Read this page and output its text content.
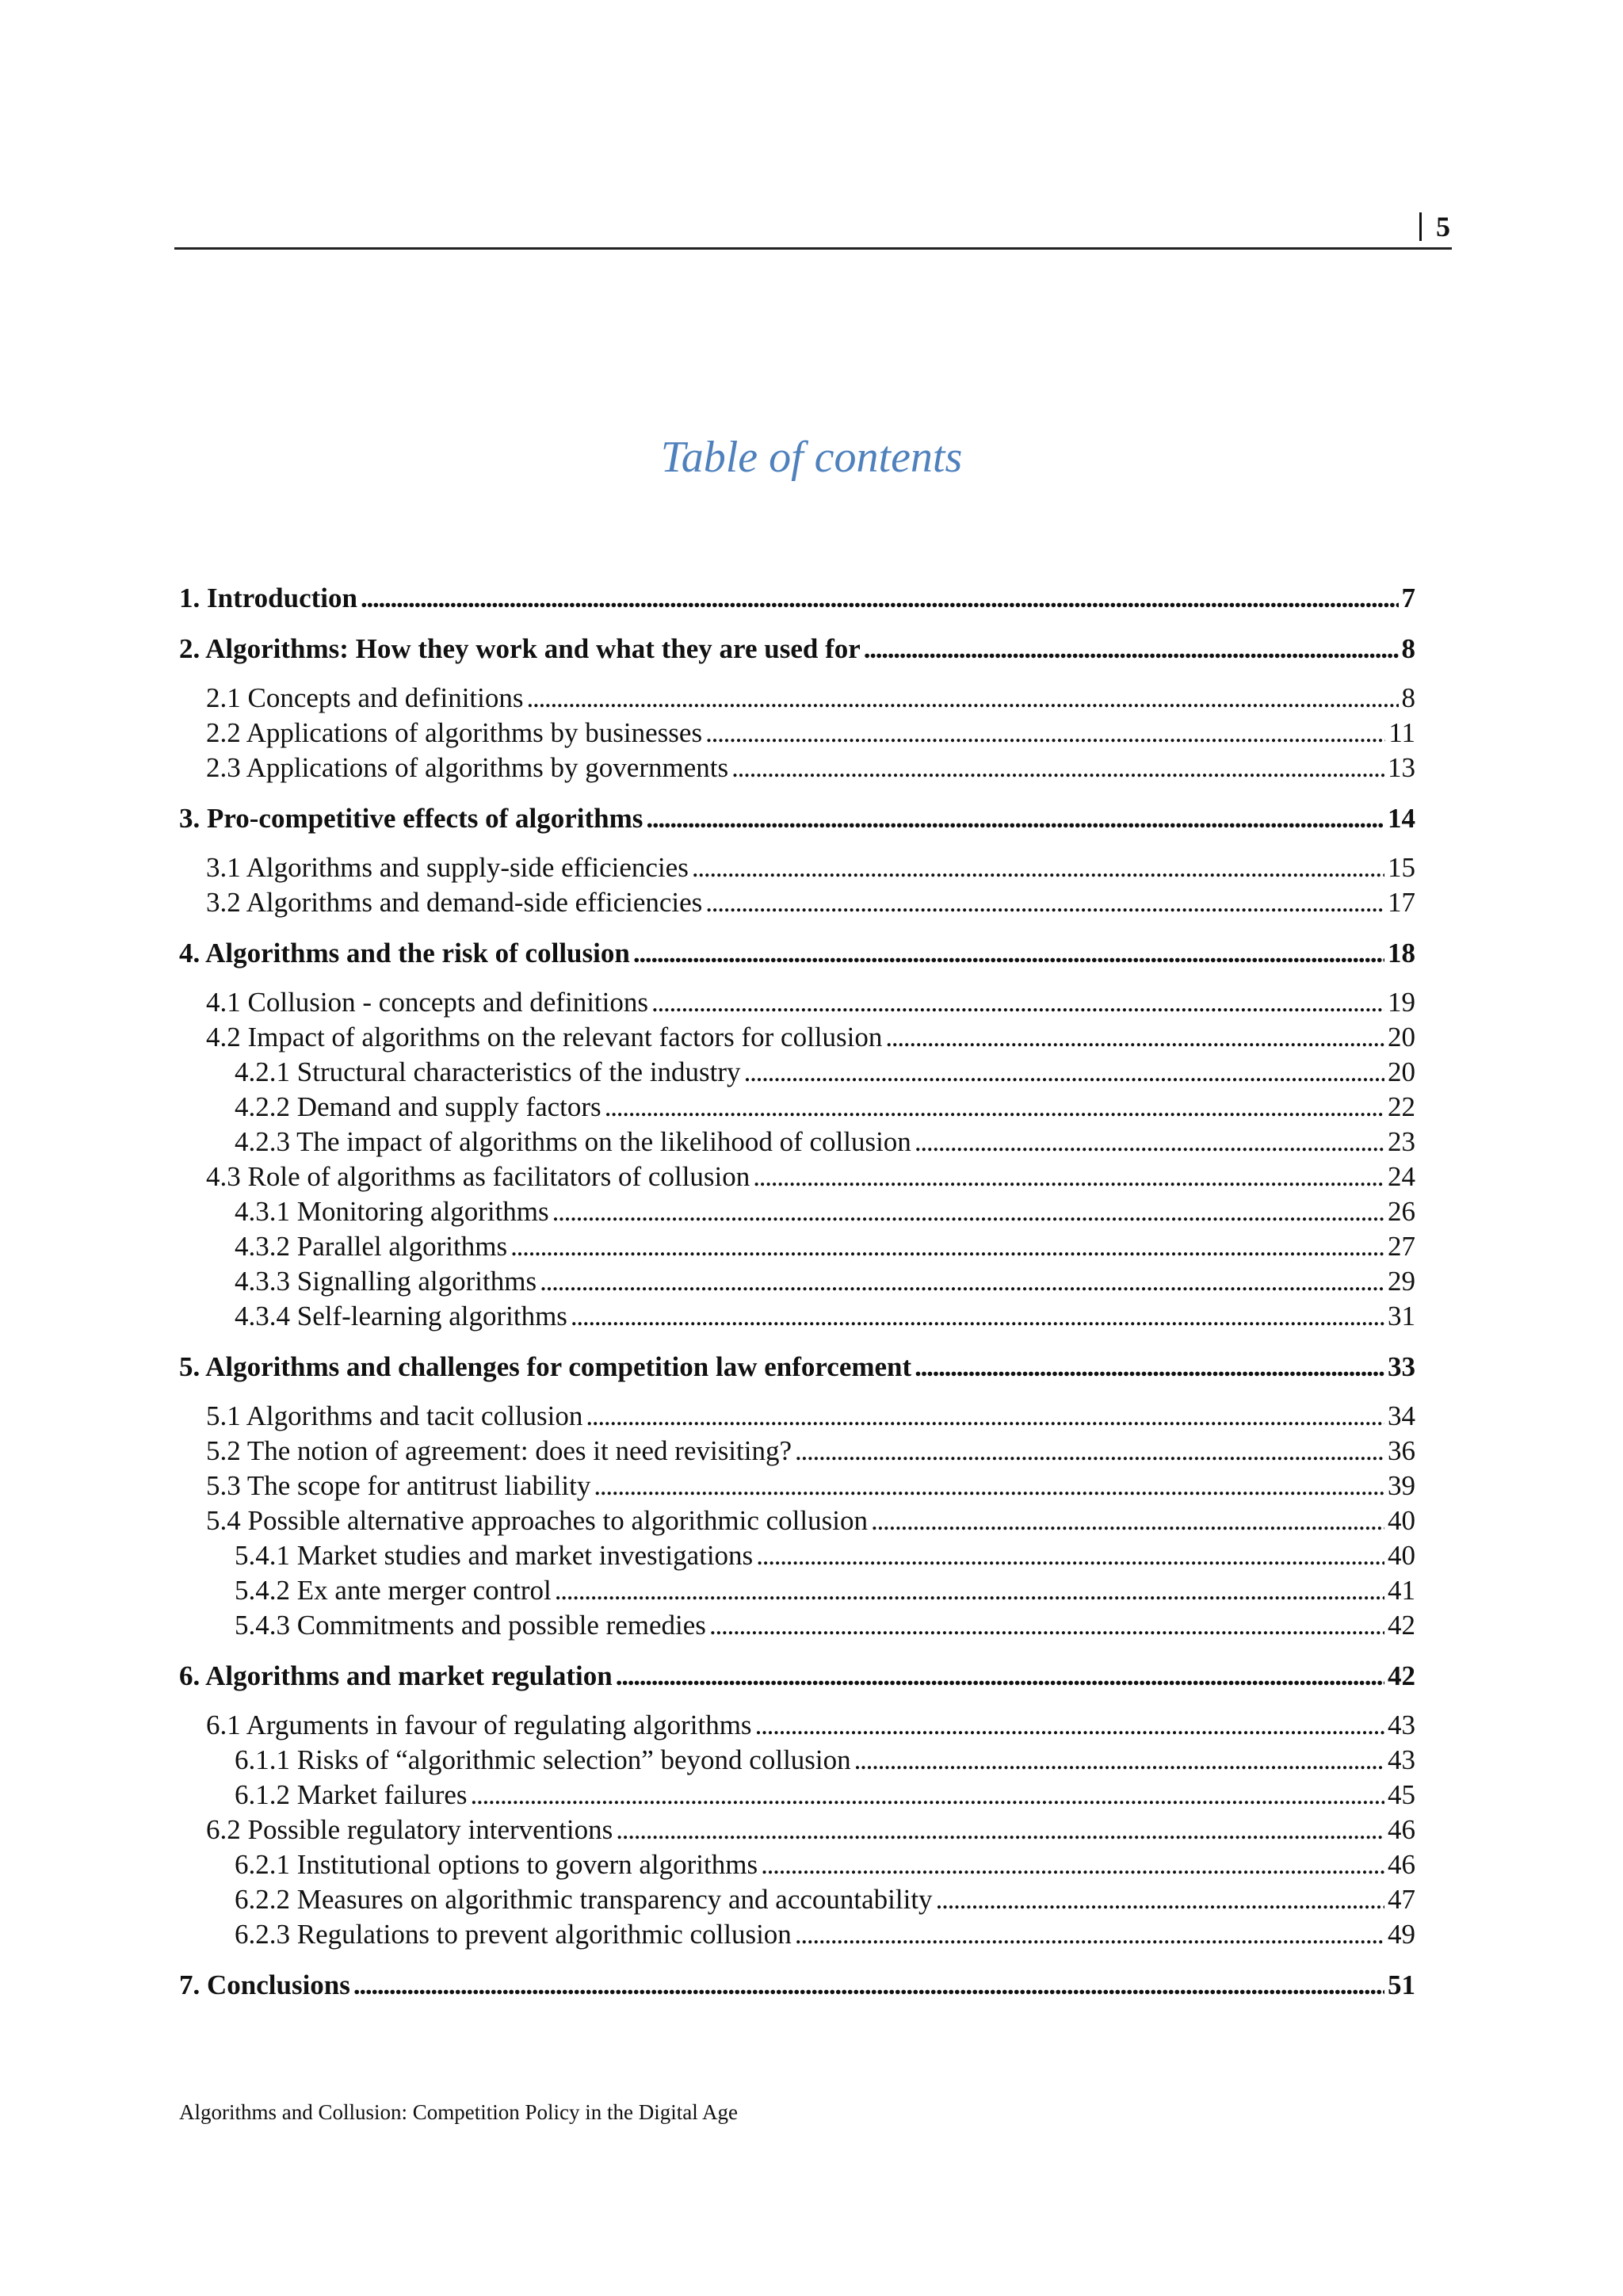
5
Table of contents
1. Introduction . . .	7
2. Algorithms: How they work and what they are used for . . .	8
2.1 Concepts and definitions . . .	8
2.2 Applications of algorithms by businesses . . .	11
2.3 Applications of algorithms by governments . . .	13
3. Pro-competitive effects of algorithms . . .	14
3.1 Algorithms and supply-side efficiencies . . .	15
3.2 Algorithms and demand-side efficiencies . . .	17
4. Algorithms and the risk of collusion . . .	18
4.1 Collusion - concepts and definitions . . .	19
4.2 Impact of algorithms on the relevant factors for collusion . . .	20
4.2.1 Structural characteristics of the industry . . .	20
4.2.2 Demand and supply factors . . .	22
4.2.3 The impact of algorithms on the likelihood of collusion . . .	23
4.3 Role of algorithms as facilitators of collusion . . .	24
4.3.1 Monitoring algorithms . . .	26
4.3.2 Parallel algorithms . . .	27
4.3.3 Signalling algorithms . . .	29
4.3.4 Self-learning algorithms . . .	31
5. Algorithms and challenges for competition law enforcement . . .	33
5.1 Algorithms and tacit collusion . . .	34
5.2 The notion of agreement: does it need revisiting? . . .	36
5.3 The scope for antitrust liability . . .	39
5.4 Possible alternative approaches to algorithmic collusion . . .	40
5.4.1 Market studies and market investigations . . .	40
5.4.2 Ex ante merger control . . .	41
5.4.3 Commitments and possible remedies . . .	42
6. Algorithms and market regulation . . .	42
6.1 Arguments in favour of regulating algorithms . . .	43
6.1.1 Risks of “algorithmic selection” beyond collusion . . .	43
6.1.2 Market failures . . .	45
6.2 Possible regulatory interventions . . .	46
6.2.1 Institutional options to govern algorithms . . .	46
6.2.2 Measures on algorithmic transparency and accountability . . .	47
6.2.3 Regulations to prevent algorithmic collusion . . .	49
7. Conclusions . . .	51
Algorithms and Collusion: Competition Policy in the Digital Age
